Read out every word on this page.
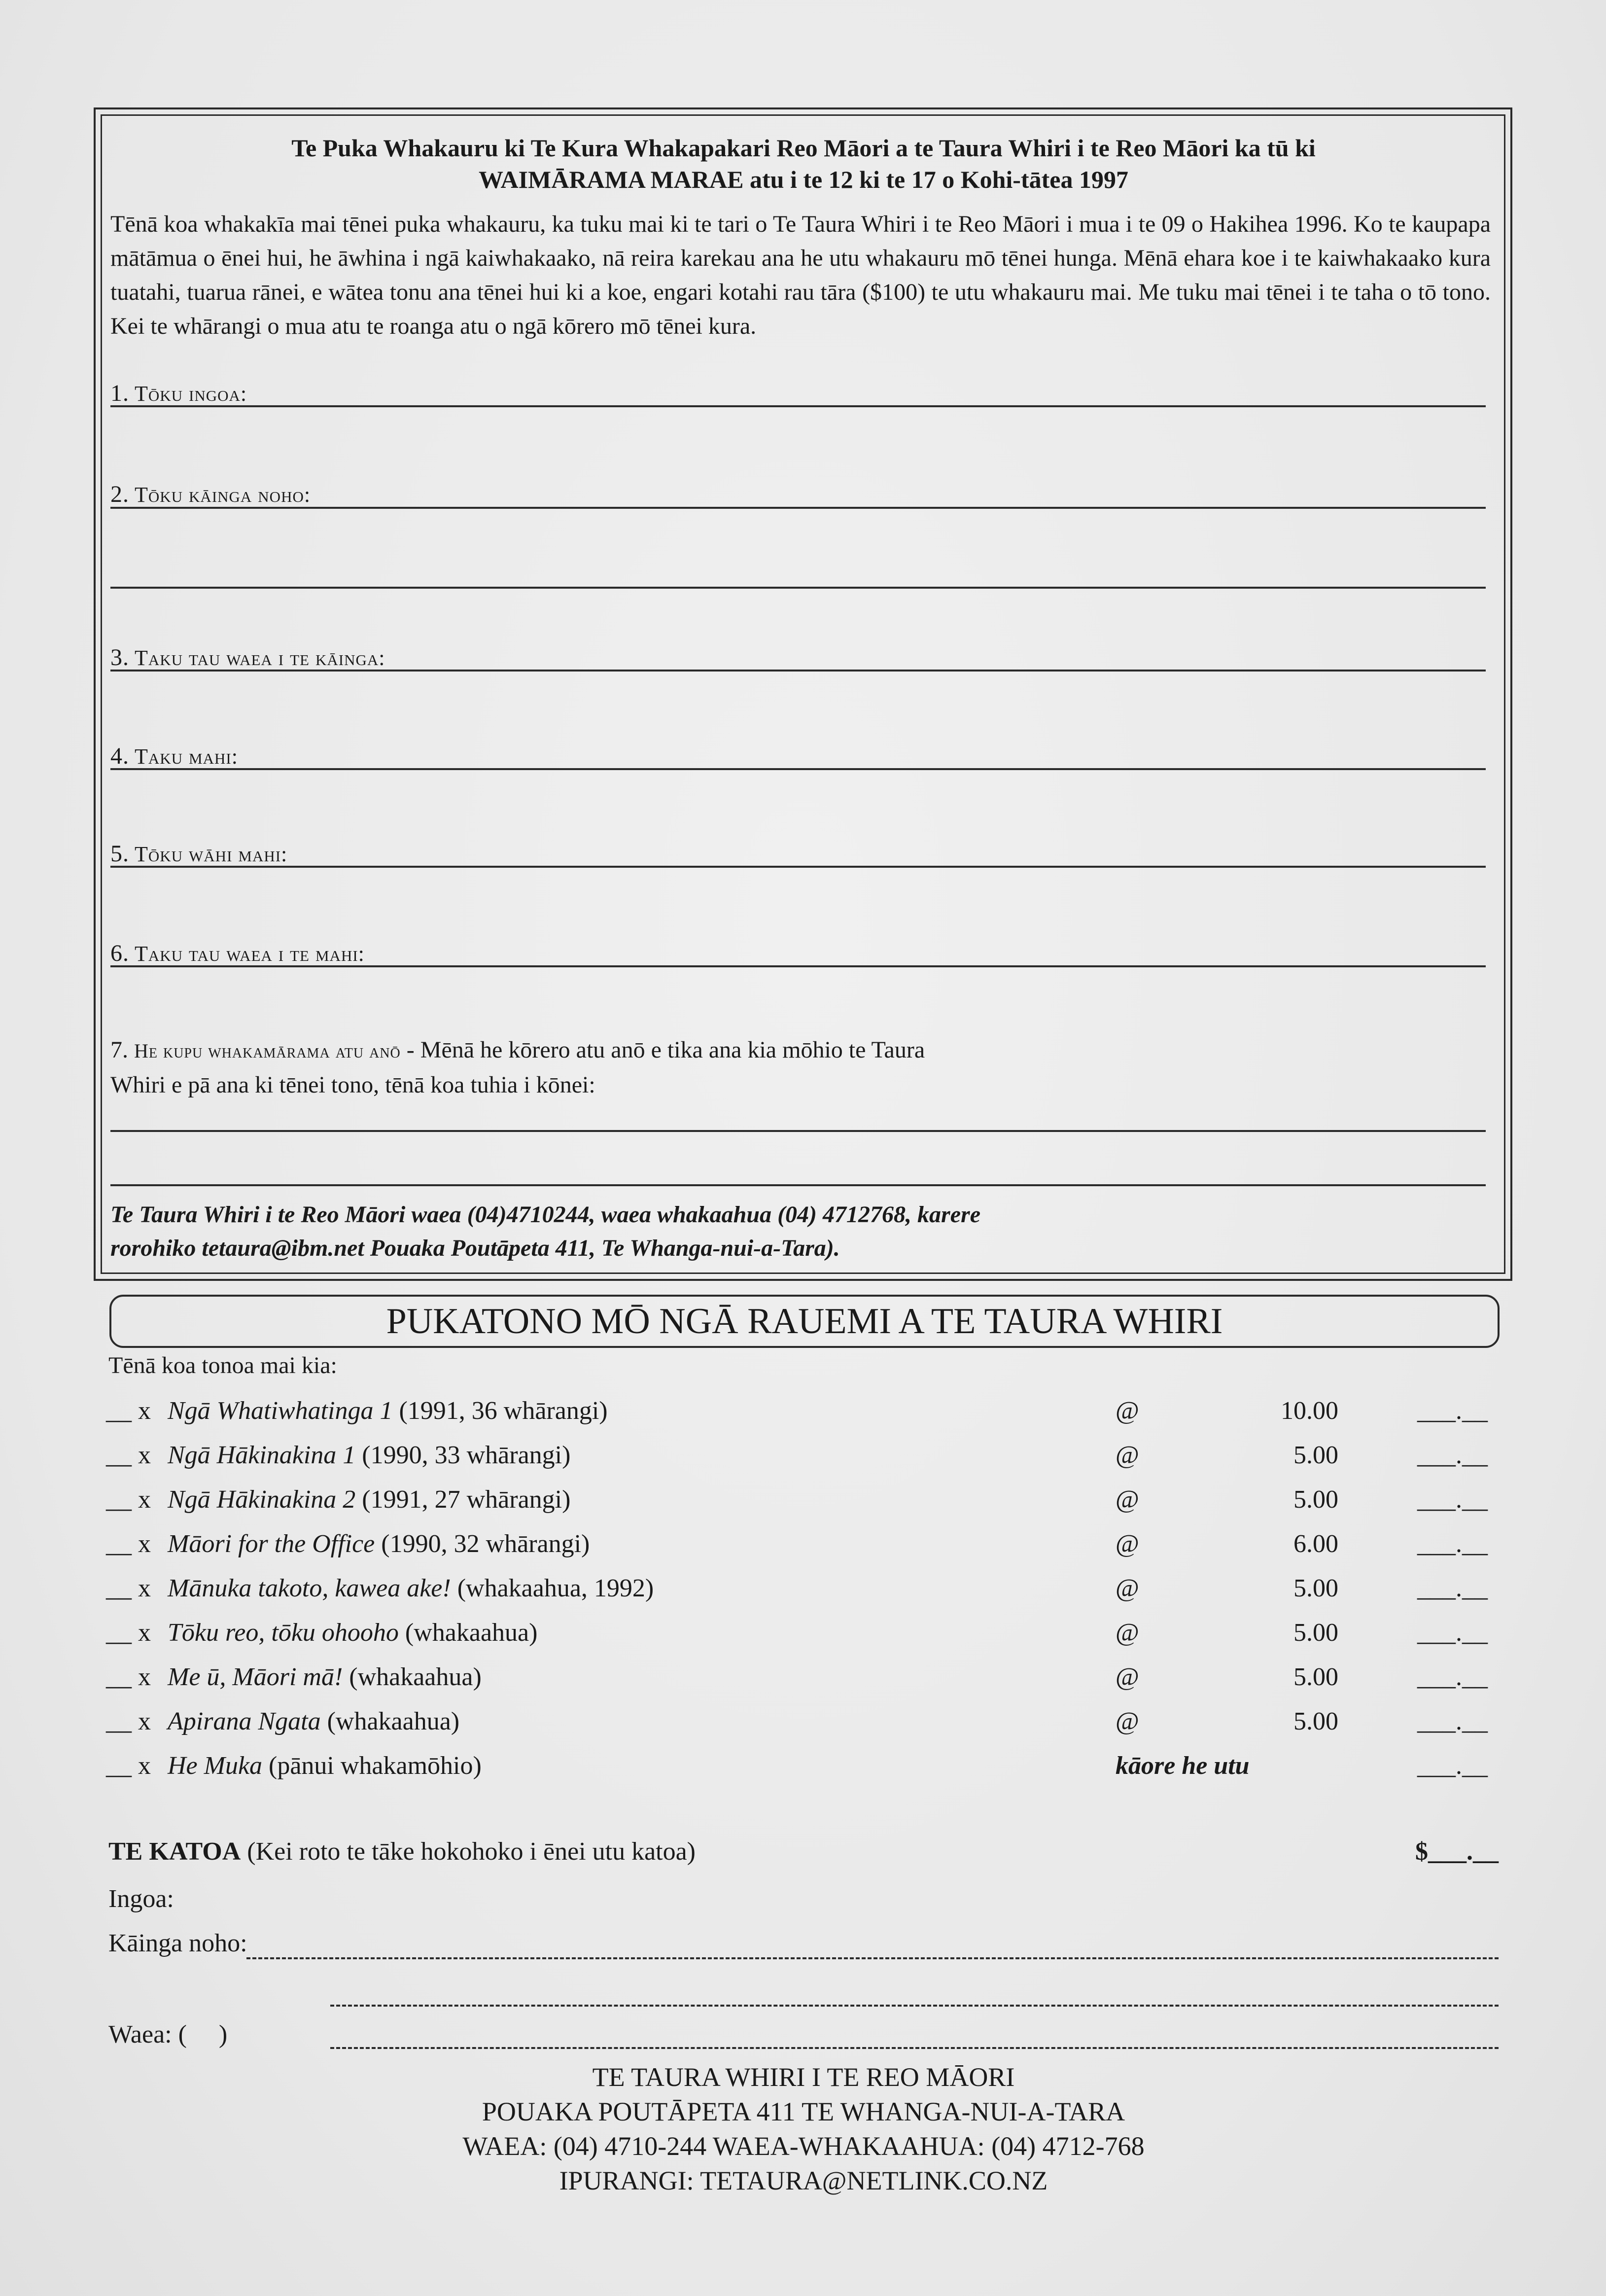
Te Puka Whakauru ki Te Kura Whakapakari Reo Māori a te Taura Whiri i te Reo Māori ka tū ki
WAIMĀRAMA MARAE atu i te 12 ki te 17 o Kohi-tātea 1997
Tēnā koa whakakīa mai tēnei puka whakauru, ka tuku mai ki te tari o Te Taura Whiri i te Reo Māori i mua i te 09 o Hakihea 1996. Ko te kaupapa mātāmua o ēnei hui, he āwhina i ngā kaiwhakaako, nā reira karekau ana he utu whakauru mō tēnei hunga. Mēnā ehara koe i te kaiwhakaako kura tuatahi, tuarua rānei, e wātea tonu ana tēnei hui ki a koe, engari kotahi rau tāra ($100) te utu whakauru mai. Me tuku mai tēnei i te taha o tō tono. Kei te whārangi o mua atu te roanga atu o ngā kōrero mō tēnei kura.
1. Tōku ingoa:
2. Tōku kāinga noho:
3. Taku tau waea i te kāinga:
4. Taku mahi:
5. Tōku wāhi mahi:
6. Taku tau waea i te mahi:
7. He kupu whakamārama atu anō - Mēnā he kōrero atu anō e tika ana kia mōhio te Taura
Whiri e pā ana ki tēnei tono, tēnā koa tuhia i kōnei:
Te Taura Whiri i te Reo Māori waea (04)4710244, waea whakaahua (04) 4712768, karere
rorohiko tetaura@ibm.net Pouaka Poutāpeta 411, Te Whanga-nui-a-Tara).
PUKATONO MŌ NGĀ RAUEMI A TE TAURA WHIRI
Tēnā koa tonoa mai kia:
__ x Ngā Whatiwhatinga 1 (1991, 36 whārangi)	@	10.00	___.__
__ x Ngā Hākinakina 1 (1990, 33 whārangi)	@	5.00	___.__
__ x Ngā Hākinakina 2 (1991, 27 whārangi)	@	5.00	___.__
__ x Māori for the Office (1990, 32 whārangi)	@	6.00	___.__
__ x Mānuka takoto, kawea ake! (whakaahua, 1992)	@	5.00	___.__
__ x Tōku reo, tōku ohooho (whakaahua)	@	5.00	___.__
__ x Me ū, Māori mā! (whakaahua)	@	5.00	___.__
__ x Apirana Ngata (whakaahua)	@	5.00	___.__
__ x He Muka (pānui whakamōhio)	kāore he utu	___.__
TE KATOA (Kei roto te tāke hokohoko i ēnei utu katoa)	$___.__
Ingoa:
Kāinga noho:
Waea: (     )
TE TAURA WHIRI I TE REO MĀORI
POUAKA POUTĀPETA 411 TE WHANGA-NUI-A-TARA
WAEA: (04) 4710-244 WAEA-WHAKAAHUA: (04) 4712-768
IPURANGI: TETAURA@NETLINK.CO.NZ
